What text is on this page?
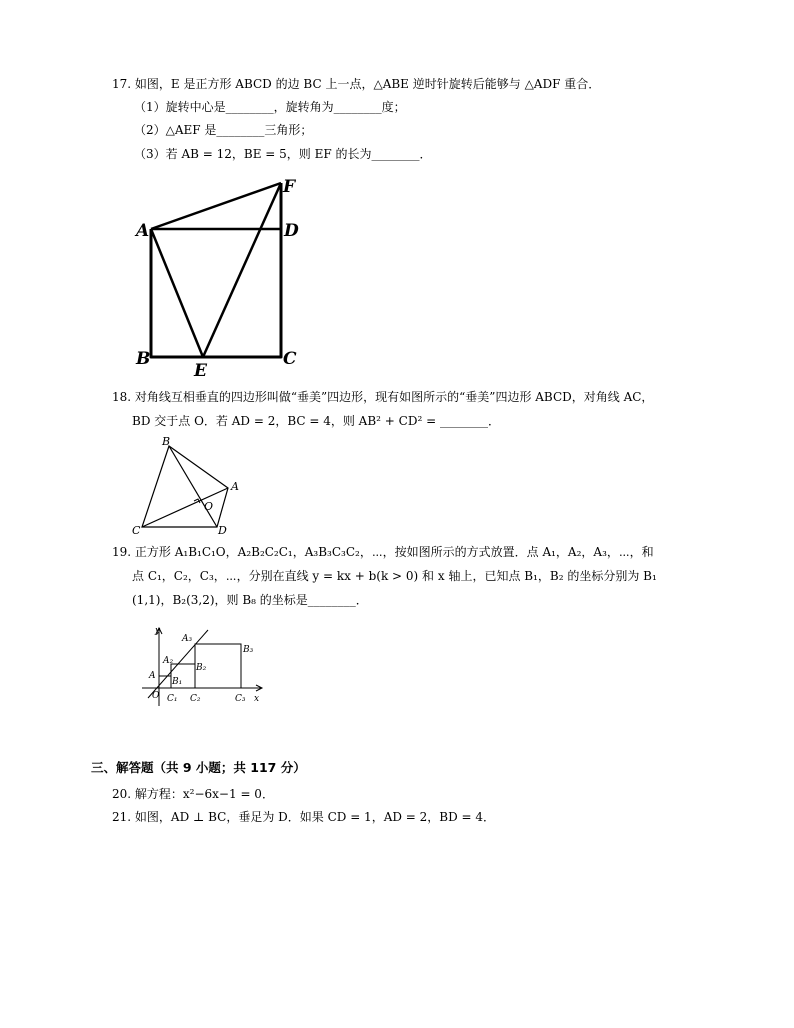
17. 如图，E 是正方形 ABCD 的边 BC 上一点，△ABE 逆时针旋转后能够与 △ADF 重合．
（1）旋转中心是________，旋转角为________度；
（2）△AEF 是________三角形；
（3）若 AB = 12，BE = 5，则 EF 的长为________．
A	D
F
B	C
E
18. 对角线互相垂直的四边形叫做“垂美”四边形，现有如图所示的“垂美”四边形 ABCD，对角线 AC，
BD 交于点 O．若 AD = 2，BC = 4，则 AB² + CD² = ________．
B
A
C	D
O
19. 正方形 A₁B₁C₁O，A₂B₂C₂C₁，A₃B₃C₃C₂，⋯，按如图所示的方式放置．点 A₁，A₂，A₃，⋯，和
点 C₁，C₂，C₃，⋯，分别在直线 y = kx + b(k > 0) 和 x 轴上，已知点 B₁，B₂ 的坐标分别为 B₁
(1,1)，B₂(3,2)，则 B₈ 的坐标是________．
y
x
O
A
A₂
A₃
B₁
B₂
B₃
C₁ C₂	C₃
三、解答题（共 9 小题；共 117 分）
20. 解方程：x²−6x−1 = 0．
21. 如图，AD ⊥ BC，垂足为 D．如果 CD = 1，AD = 2，BD = 4．
